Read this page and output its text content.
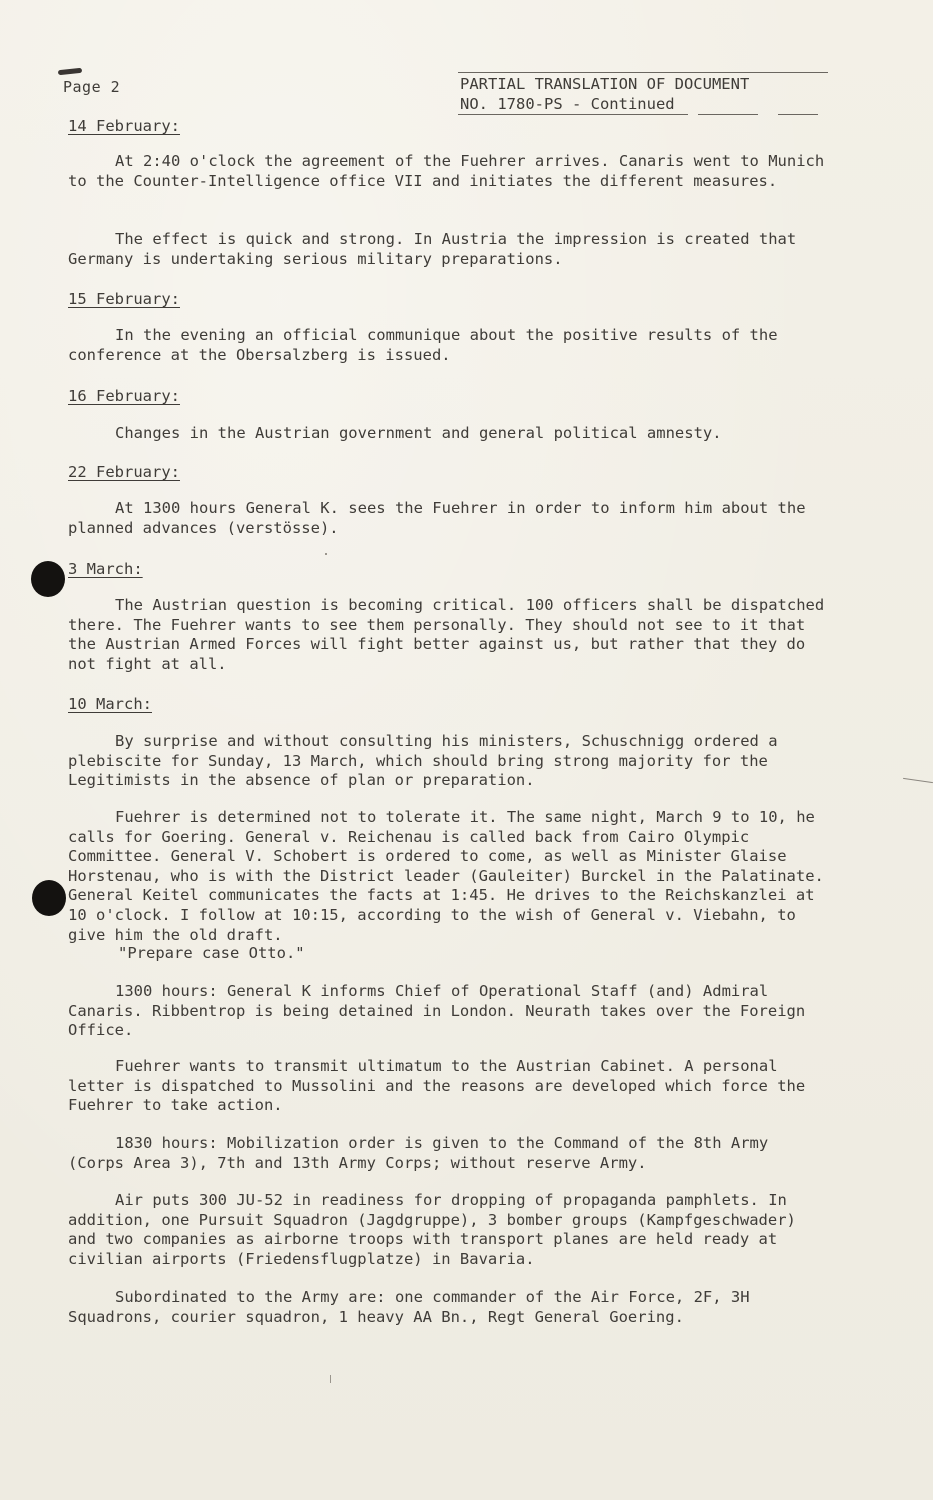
Page 2	PARTIAL TRANSLATION OF DOCUMENT
NO. 1780-PS - Continued
14 February:
At 2:40 o'clock the agreement of the Fuehrer arrives. Canaris went to Munich to the Counter-Intelligence office VII and initiates the different measures.
The effect is quick and strong. In Austria the impression is created that Germany is undertaking serious military preparations.
15 February:
In the evening an official communique about the positive results of the conference at the Obersalzberg is issued.
16 February:
Changes in the Austrian government and general political amnesty.
22 February:
At 1300 hours General K. sees the Fuehrer in order to inform him about the planned advances (verstösse).
3 March:
The Austrian question is becoming critical. 100 officers shall be dispatched there. The Fuehrer wants to see them personally. They should not see to it that the Austrian Armed Forces will fight better against us, but rather that they do not fight at all.
10 March:
By surprise and without consulting his ministers, Schuschnigg ordered a plebiscite for Sunday, 13 March, which should bring strong majority for the Legitimists in the absence of plan or preparation.
Fuehrer is determined not to tolerate it. The same night, March 9 to 10, he calls for Goering. General v. Reichenau is called back from Cairo Olympic Committee. General V. Schobert is ordered to come, as well as Minister Glaise Horstenau, who is with the District leader (Gauleiter) Burckel in the Palatinate. General Keitel communicates the facts at 1:45. He drives to the Reichskanzlei at 10 o'clock. I follow at 10:15, according to the wish of General v. Viebahn, to give him the old draft.
"Prepare case Otto."
1300 hours: General K informs Chief of Operational Staff (and) Admiral Canaris. Ribbentrop is being detained in London. Neurath takes over the Foreign Office.
Fuehrer wants to transmit ultimatum to the Austrian Cabinet. A personal letter is dispatched to Mussolini and the reasons are developed which force the Fuehrer to take action.
1830 hours: Mobilization order is given to the Command of the 8th Army (Corps Area 3), 7th and 13th Army Corps; without reserve Army.
Air puts 300 JU-52 in readiness for dropping of propaganda pamphlets. In addition, one Pursuit Squadron (Jagdgruppe), 3 bomber groups (Kampfgeschwader) and two companies as airborne troops with transport planes are held ready at civilian airports (Friedensflugplatze) in Bavaria.
Subordinated to the Army are: one commander of the Air Force, 2F, 3H Squadrons, courier squadron, 1 heavy AA Bn., Regt General Goering.
